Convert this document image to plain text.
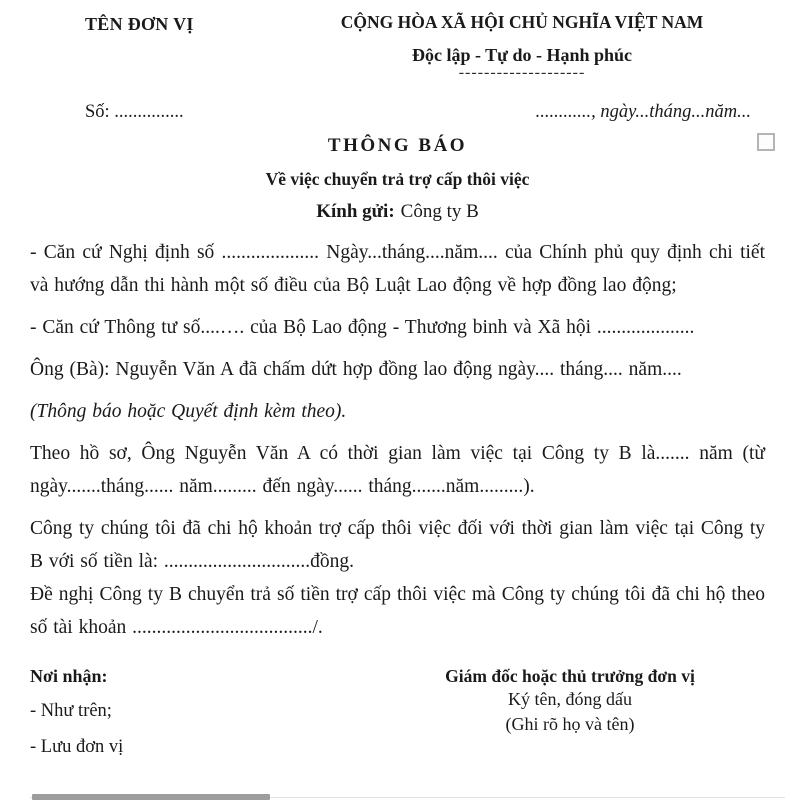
TÊN ĐƠN VỊ	CỘNG HÒA XÃ HỘI CHỦ NGHĨA VIỆT NAM
Độc lập - Tự do - Hạnh phúc
--------------------
Số: ...............	............, ngày...tháng...năm...
THÔNG BÁO
Về việc chuyển trả trợ cấp thôi việc

Kính gửi: Công ty B

- Căn cứ Nghị định số .................... Ngày...tháng....năm.... của Chính phủ quy định chi tiết và hướng dẫn thi hành một số điều của Bộ Luật Lao động về hợp đồng lao động;

- Căn cứ Thông tư số....…. của Bộ Lao động - Thương binh và Xã hội ....................

Ông (Bà): Nguyễn Văn A đã chấm dứt hợp đồng lao động ngày.... tháng.... năm....

(Thông báo hoặc Quyết định kèm theo).

Theo hồ sơ, Ông Nguyễn Văn A có thời gian làm việc tại Công ty B là....... năm (từ ngày.......tháng...... năm......... đến ngày...... tháng.......năm.........).

Công ty chúng tôi đã chi hộ khoản trợ cấp thôi việc đối với thời gian làm việc tại Công ty B với số tiền là: ..............................đồng.

Đề nghị Công ty B chuyển trả số tiền trợ cấp thôi việc mà Công ty chúng tôi đã chi hộ theo số tài khoản ...................................../.

Nơi nhận:
- Như trên;
- Lưu đơn vị
Giám đốc hoặc thủ trưởng đơn vị
Ký tên, đóng dấu
(Ghi rõ họ và tên)
